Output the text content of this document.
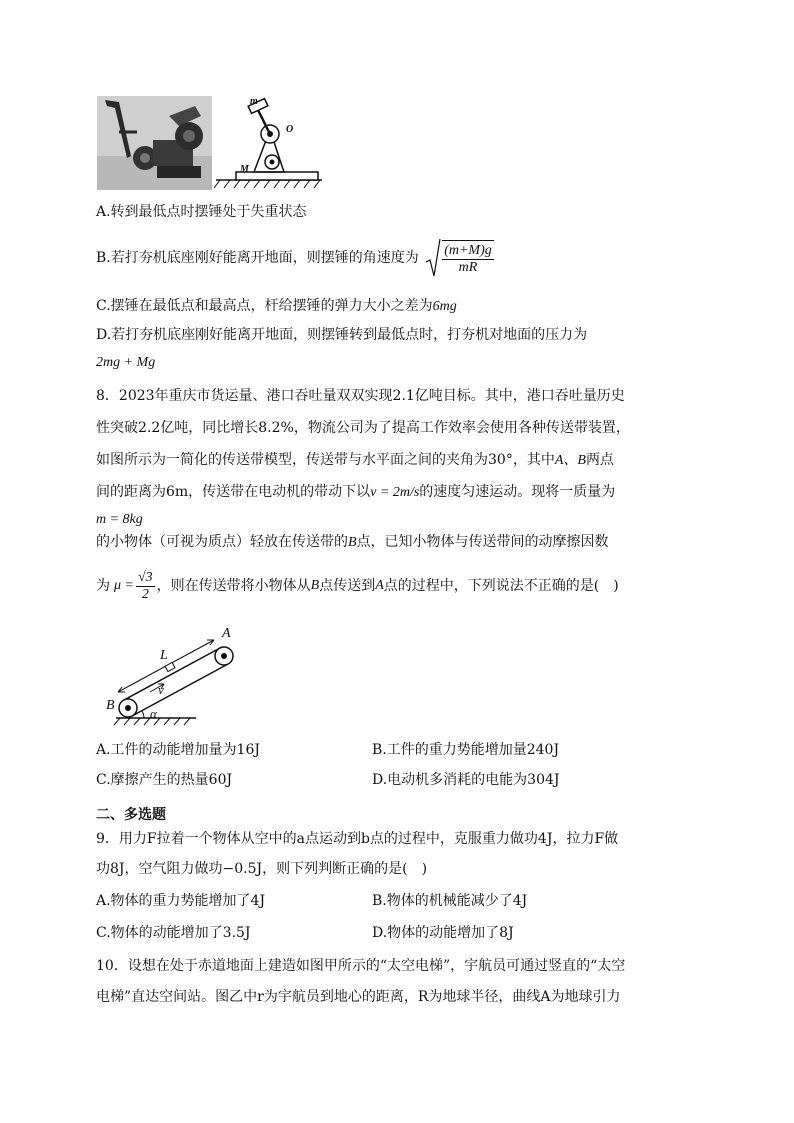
m
O
M
A.转到最低点时摆锤处于失重状态
B.若打夯机底座刚好能离开地面，则摆锤的角速度为
$\frac{(m+M)g}{mR}$
C.摆锤在最低点和最高点，杆给摆锤的弹力大小之差为6mg
D.若打夯机底座刚好能离开地面，则摆锤转到最低点时，打夯机对地面的压力为
2mg + Mg
8．2023年重庆市货运量、港口吞吐量双双实现2.1亿吨目标。其中，港口吞吐量历史
性突破2.2亿吨，同比增长8.2%，物流公司为了提高工作效率会使用各种传送带装置，
如图所示为一简化的传送带模型，传送带与水平面之间的夹角为30°，其中A、B两点
间的距离为6m，传送带在电动机的带动下以v = 2m/s的速度匀速运动。现将一质量为
m = 8kg
的小物体（可视为质点）轻放在传送带的B点，已知小物体与传送带间的动摩擦因数
为 $\mu = \frac{√3}{2}$ ，则在传送带将小物体从 B 点传送到 A 点的过程中，下列说法不正确的是(　)
A
B
L
v
α
A.工件的动能增加量为16J	B.工件的重力势能增加量240J
C.摩擦产生的热量60J	D.电动机多消耗的电能为304J
二、多选题
9．用力F拉着一个物体从空中的a点运动到b点的过程中，克服重力做功4J，拉力F做
功8J，空气阻力做功−0.5J，则下列判断正确的是(　)
A.物体的重力势能增加了4J	B.物体的机械能减少了4J
C.物体的动能增加了3.5J	D.物体的动能增加了8J
10．设想在处于赤道地面上建造如图甲所示的“太空电梯”，宇航员可通过竖直的“太空
电梯”直达空间站。图乙中r为宇航员到地心的距离，R为地球半径，曲线A为地球引力
